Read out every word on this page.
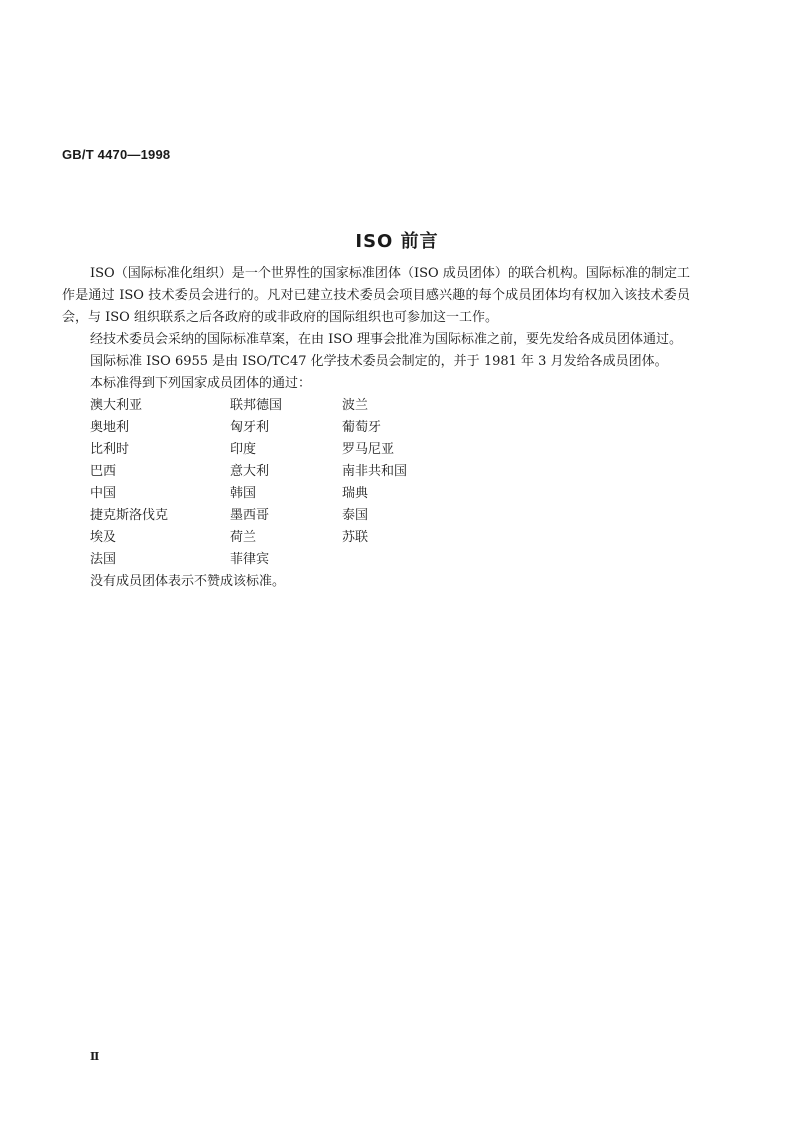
GB/T 4470—1998
ISO 前言

ISO（国际标准化组织）是一个世界性的国家标准团体（ISO 成员团体）的联合机构。国际标准的制定工作是通过 ISO 技术委员会进行的。凡对已建立技术委员会项目感兴趣的每个成员团体均有权加入该技术委员会，与 ISO 组织联系之后各政府的或非政府的国际组织也可参加这一工作。

经技术委员会采纳的国际标准草案，在由 ISO 理事会批准为国际标准之前，要先发给各成员团体通过。

国际标准 ISO 6955 是由 ISO/TC47 化学技术委员会制定的，并于 1981 年 3 月发给各成员团体。

本标准得到下列国家成员团体的通过：

澳大利亚	联邦德国	波兰
奥地利	匈牙利	葡萄牙
比利时	印度	罗马尼亚
巴西	意大利	南非共和国
中国	韩国	瑞典
捷克斯洛伐克	墨西哥	泰国
埃及	荷兰	苏联
法国	菲律宾	

没有成员团体表示不赞成该标准。

Ⅱ
